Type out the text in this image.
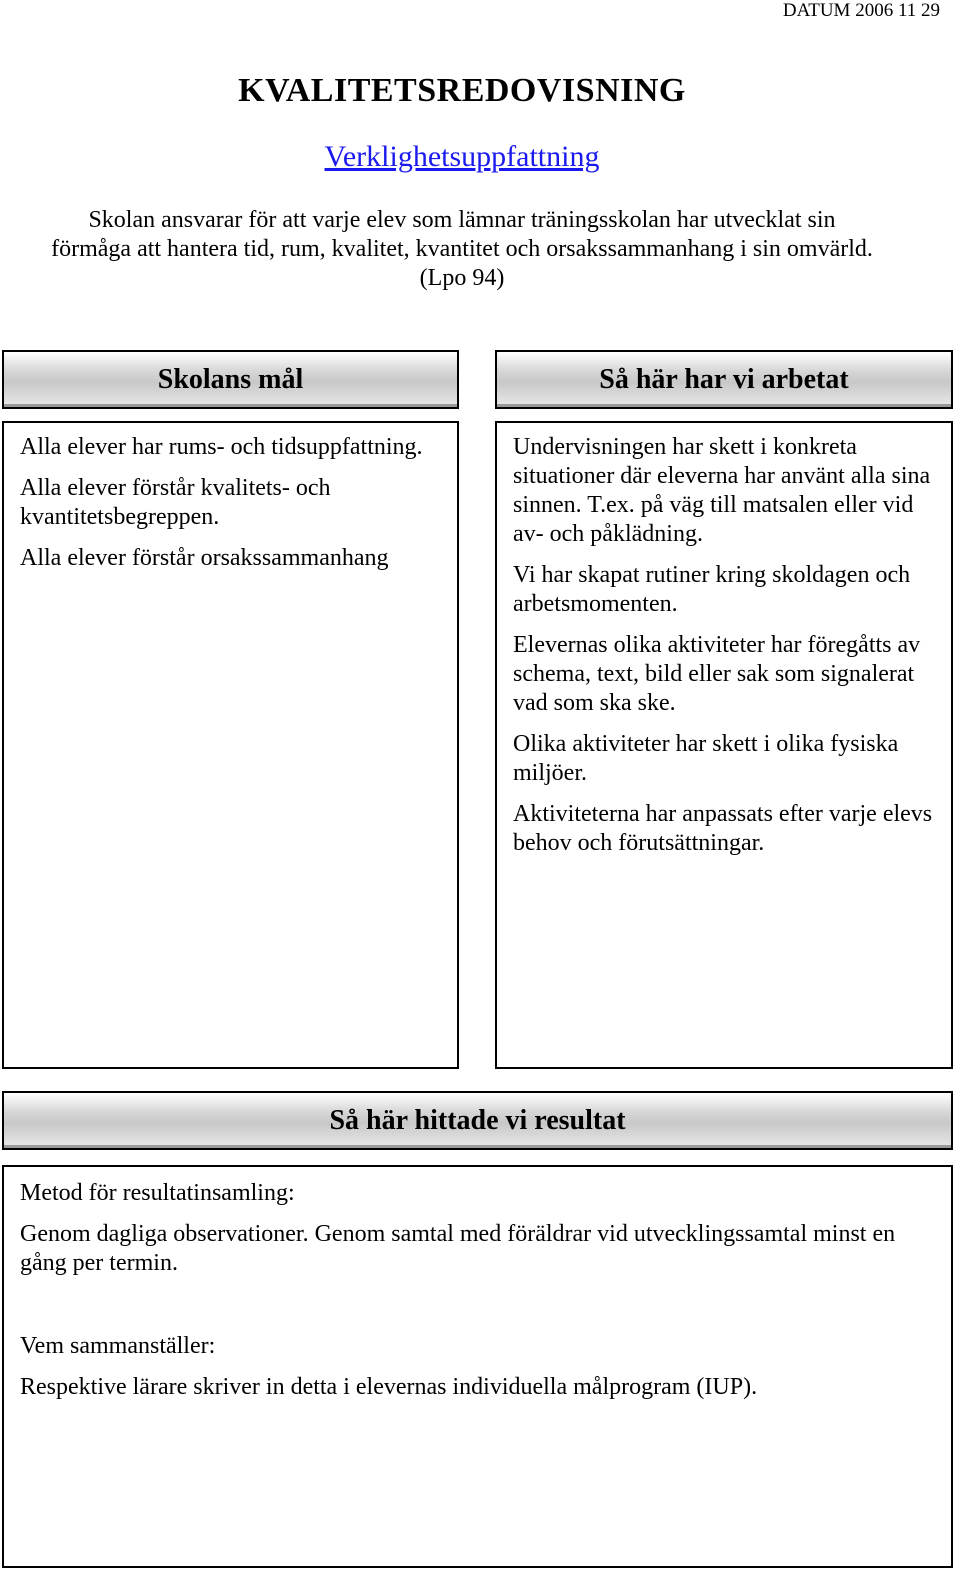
DATUM 2006 11 29
KVALITETSREDOVISNING
Verklighetsuppfattning
Skolan ansvarar för att varje elev som lämnar träningsskolan har utvecklat sin förmåga att hantera tid, rum, kvalitet, kvantitet och orsakssammanhang i sin omvärld. (Lpo 94)
Skolans mål

Alla elever har rums- och tidsuppfattning.

Alla elever förstår kvalitets- och kvantitetsbegreppen.

Alla elever förstår orsakssammanhang

Så här har vi arbetat

Undervisningen har skett i konkreta situationer där eleverna har använt alla sina sinnen. T.ex. på väg till matsalen eller vid av- och påklädning.

Vi har skapat rutiner kring skoldagen och arbetsmomenten.

Elevernas olika aktiviteter har föregåtts av schema, text, bild eller sak som signalerat vad som ska ske.

Olika aktiviteter har skett i olika fysiska miljöer.

Aktiviteterna har anpassats efter varje elevs behov och förutsättningar.

Så här hittade vi resultat

Metod för resultatinsamling:

Genom dagliga observationer. Genom samtal med föräldrar vid utvecklingssamtal minst en gång per termin.

Vem sammanställer:

Respektive lärare skriver in detta i elevernas individuella målprogram (IUP).
